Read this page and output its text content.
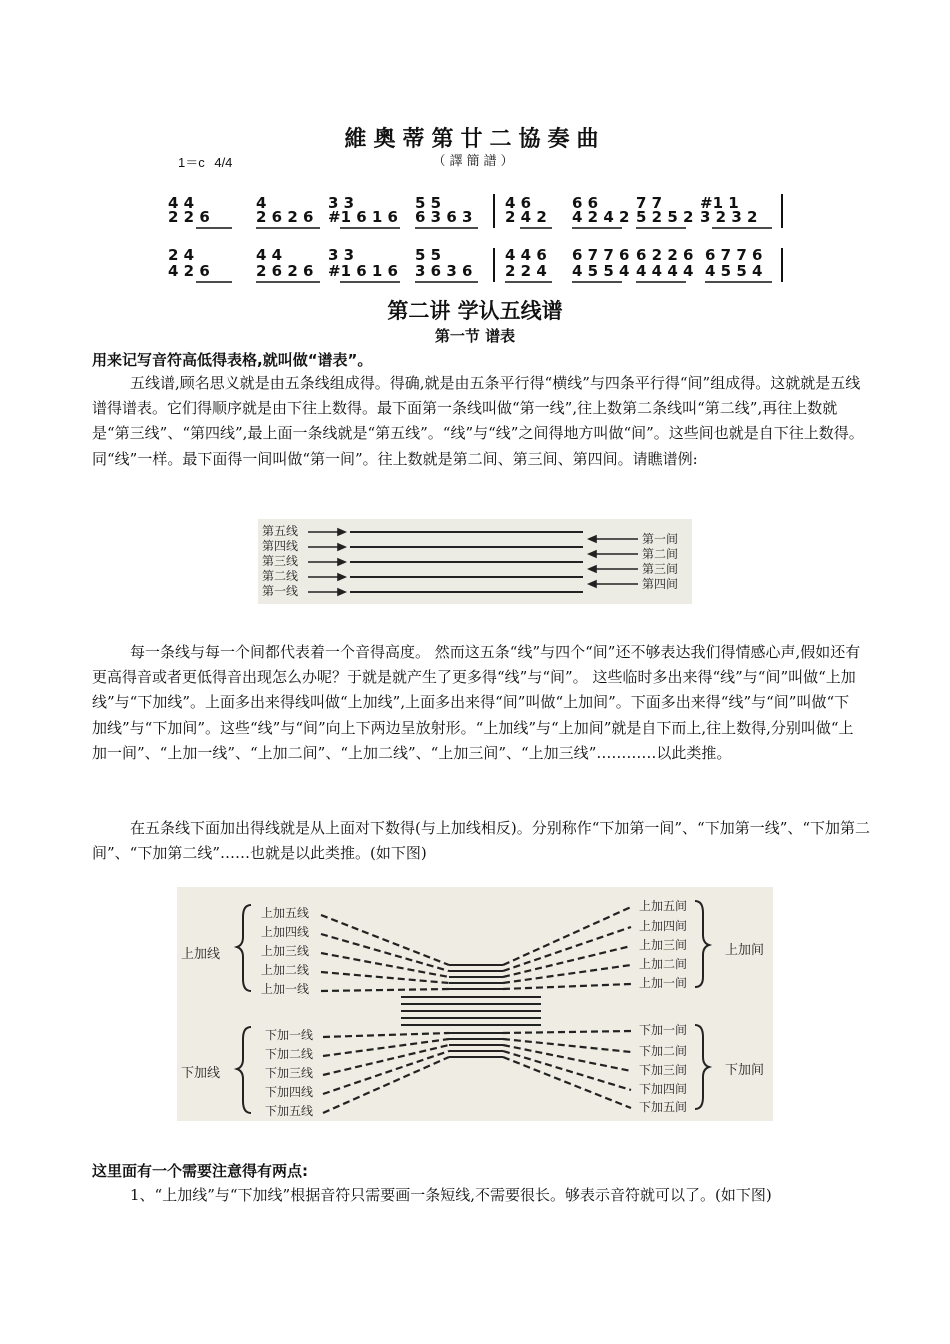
維奧蒂第廿二協奏曲
（譯簡譜）
1＝c 4/4
4 4
2 2 6
4
2 6 2 6
3 3
#1 6 1 6
5 5
6 3 6 3
4 6
2 4 2
6 6
4 2 4 2
7 7
5 2 5 2
#1 1
3 2 3 2
2 4
4 2 6
4 4
2 6 2 6
3 3
#1 6 1 6
5 5
3 6 3 6
4 4 6
2 2 4
6 7 7 6
4 5 5 4
6 2 2 6
4 4 4 4
6 7 7 6
4 5 5 4
第二讲 学认五线谱
第一节 谱表
用来记写音符高低得表格,就叫做“谱表”。

五线谱,顾名思义就是由五条线组成得。得确,就是由五条平行得“横线”与四条平行得“间”组成得。这就就是五线谱得谱表。它们得顺序就是由下往上数得。最下面第一条线叫做“第一线”,往上数第二条线叫“第二线”,再往上数就是“第三线”、“第四线”,最上面一条线就是“第五线”。“线”与“线”之间得地方叫做“间”。这些间也就是自下往上数得。同“线”一样。最下面得一间叫做“第一间”。往上数就是第二间、第三间、第四间。请瞧谱例:

第五线
第四线
第三线
第二线
第一线
第一间
第二间
第三间
第四间

每一条线与每一个间都代表着一个音得高度。 然而这五条“线”与四个“间”还不够表达我们得情感心声,假如还有更高得音或者更低得音出现怎么办呢？于就是就产生了更多得“线”与“间”。 这些临时多出来得“线”与“间”叫做“上加线”与“下加线”。上面多出来得线叫做“上加线”,上面多出来得“间”叫做“上加间”。下面多出来得“线”与“间”叫做“下加线”与“下加间”。这些“线”与“间”向上下两边呈放射形。“上加线”与“上加间”就是自下而上,往上数得,分别叫做“上加一间”、“上加一线”、“上加二间”、“上加二线”、“上加三间”、“上加三线”…………以此类推。

在五条线下面加出得线就是从上面对下数得(与上加线相反)。分别称作“下加第一间”、“下加第一线”、“下加第二间”、“下加第二线”……也就是以此类推。(如下图)

上加线
下加线
上加间
下加间
上加五线
上加四线
上加三线
上加二线
上加一线
下加一线
下加二线
下加三线
下加四线
下加五线
上加五间
上加四间
上加三间
上加二间
上加一间
下加一间
下加二间
下加三间
下加四间
下加五间
这里面有一个需要注意得有两点:

1、“上加线”与“下加线”根据音符只需要画一条短线,不需要很长。够表示音符就可以了。(如下图)
